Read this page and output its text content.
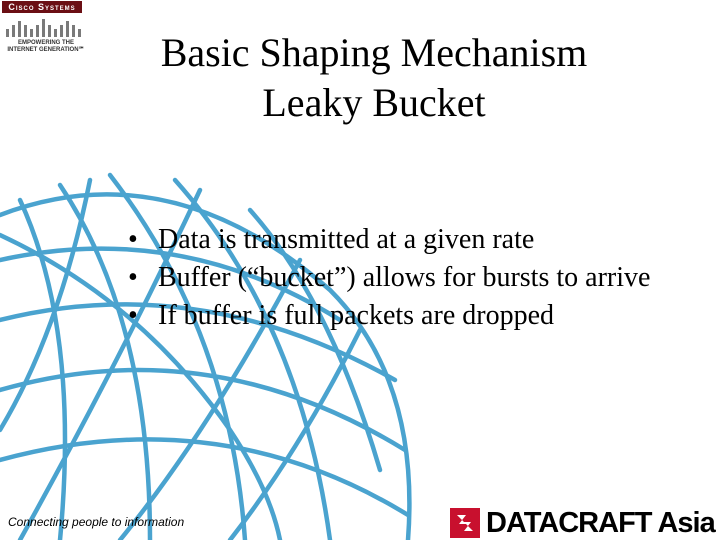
Cisco Systems
EMPOWERING THE INTERNET GENERATION℠	Basic Shaping Mechanism
Leaky Bucket
• Data is transmitted at a given rate
• Buffer (“bucket”) allows for bursts to arrive
• If buffer is full packets are dropped
Connecting people to information	DATACRAFT Asia
